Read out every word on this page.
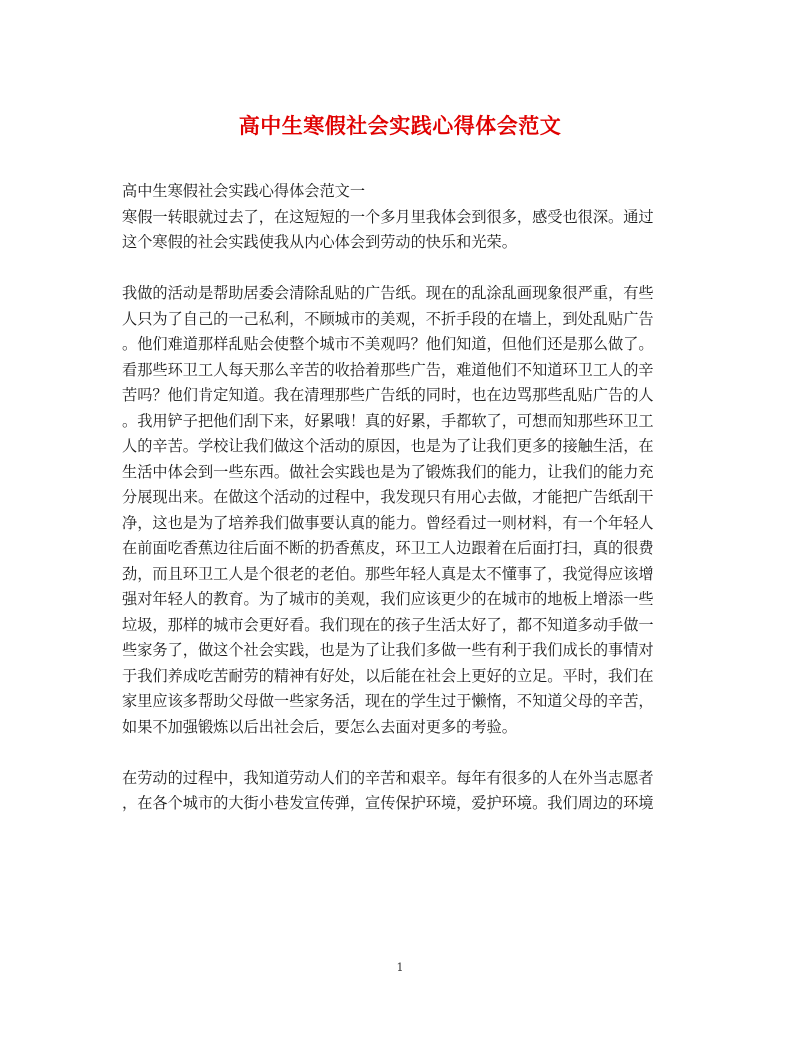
高中生寒假社会实践心得体会范文
高中生寒假社会实践心得体会范文一
寒假一转眼就过去了，在这短短的一个多月里我体会到很多，感受也很深。通过
这个寒假的社会实践使我从内心体会到劳动的快乐和光荣。
我做的活动是帮助居委会清除乱贴的广告纸。现在的乱涂乱画现象很严重，有些
人只为了自己的一己私利，不顾城市的美观，不折手段的在墙上，到处乱贴广告
。他们难道那样乱贴会使整个城市不美观吗？他们知道，但他们还是那么做了。
看那些环卫工人每天那么辛苦的收拾着那些广告，难道他们不知道环卫工人的辛
苦吗？他们肯定知道。我在清理那些广告纸的同时，也在边骂那些乱贴广告的人
。我用铲子把他们刮下来，好累哦！真的好累，手都软了，可想而知那些环卫工
人的辛苦。学校让我们做这个活动的原因，也是为了让我们更多的接触生活，在
生活中体会到一些东西。做社会实践也是为了锻炼我们的能力，让我们的能力充
分展现出来。在做这个活动的过程中，我发现只有用心去做，才能把广告纸刮干
净，这也是为了培养我们做事要认真的能力。曾经看过一则材料，有一个年轻人
在前面吃香蕉边往后面不断的扔香蕉皮，环卫工人边跟着在后面打扫，真的很费
劲，而且环卫工人是个很老的老伯。那些年轻人真是太不懂事了，我觉得应该增
强对年轻人的教育。为了城市的美观，我们应该更少的在城市的地板上增添一些
垃圾，那样的城市会更好看。我们现在的孩子生活太好了，都不知道多动手做一
些家务了，做这个社会实践，也是为了让我们多做一些有利于我们成长的事情对
于我们养成吃苦耐劳的精神有好处，以后能在社会上更好的立足。平时，我们在
家里应该多帮助父母做一些家务活，现在的学生过于懒惰，不知道父母的辛苦，
如果不加强锻炼以后出社会后，要怎么去面对更多的考验。
在劳动的过程中，我知道劳动人们的辛苦和艰辛。每年有很多的人在外当志愿者
，在各个城市的大街小巷发宣传弹，宣传保护环境，爱护环境。我们周边的环境
1
